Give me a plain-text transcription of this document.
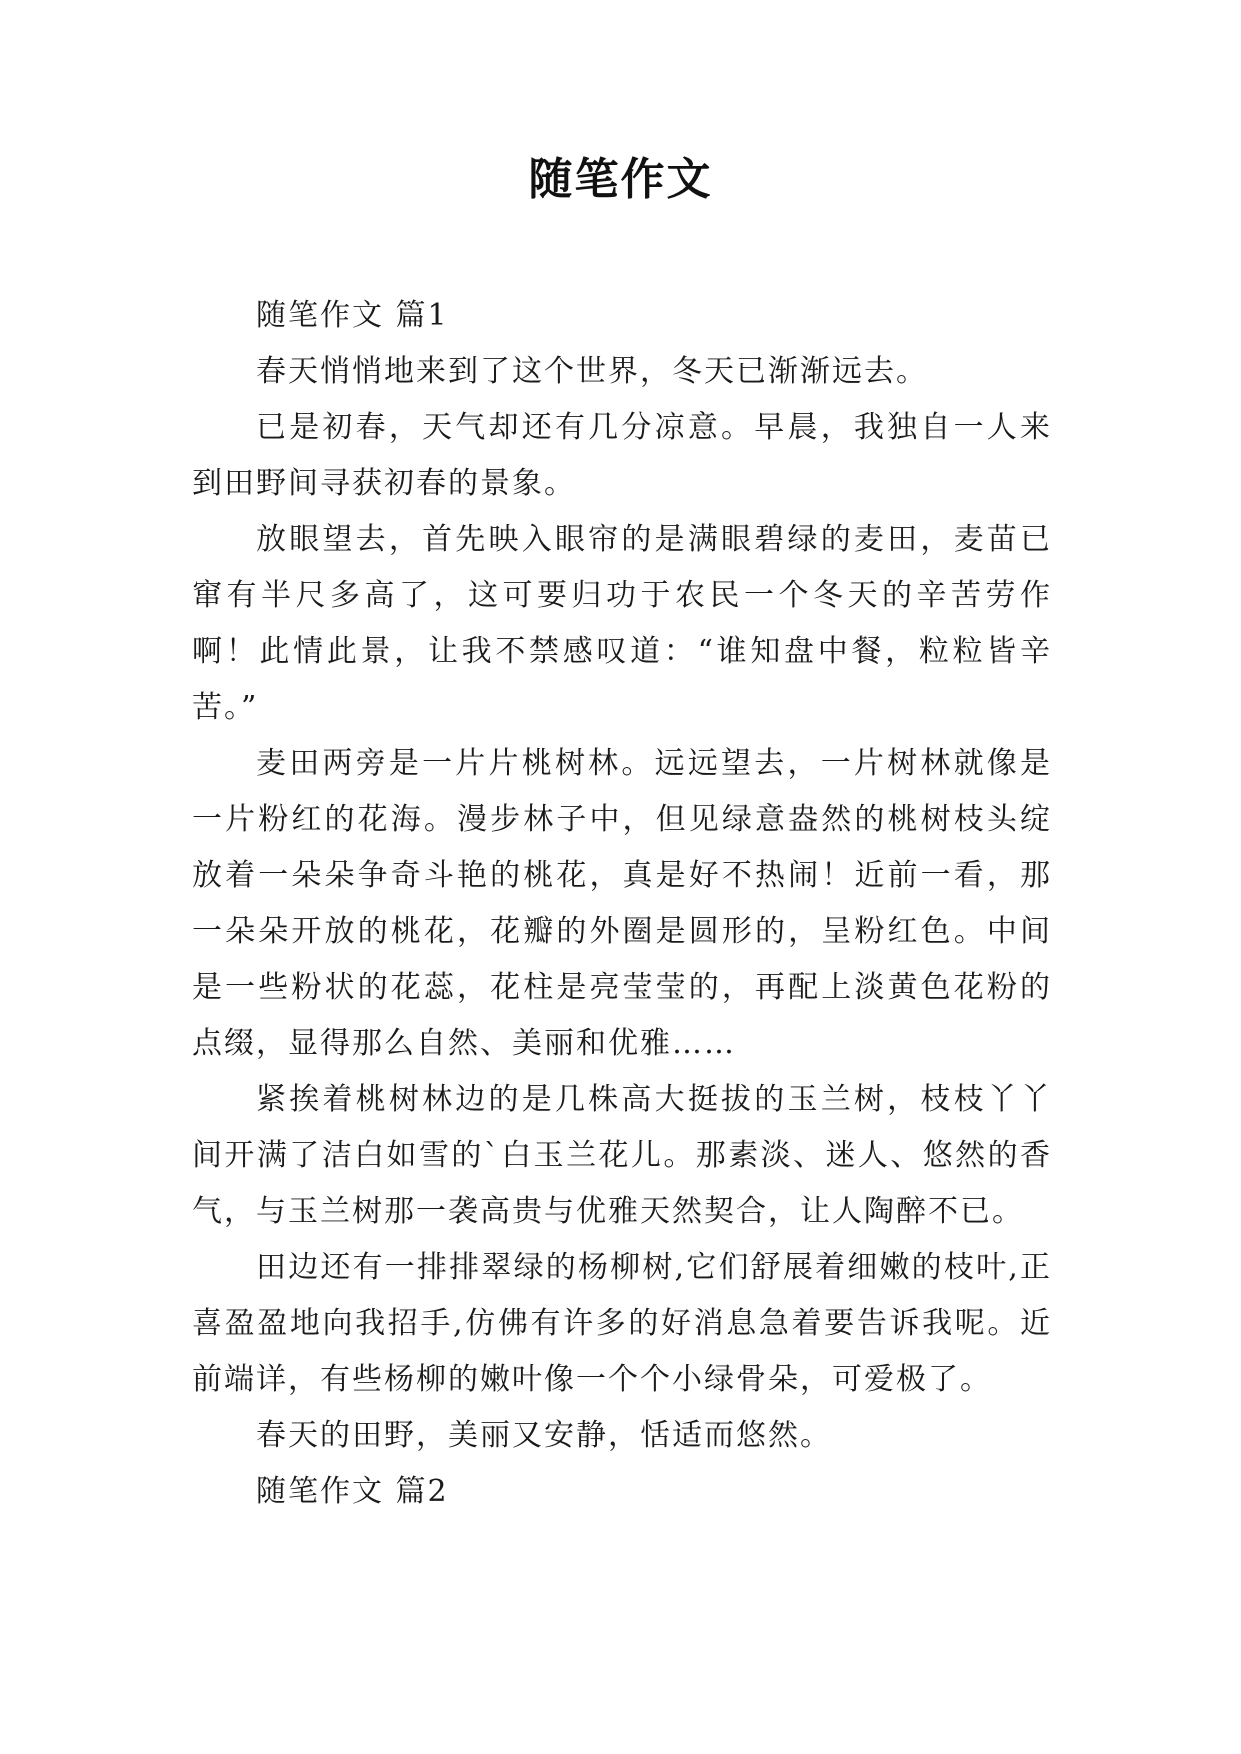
随笔作文

随笔作文 篇1

春天悄悄地来到了这个世界，冬天已渐渐远去。

已是初春，天气却还有几分凉意。早晨，我独自一人来到田野间寻获初春的景象。

放眼望去，首先映入眼帘的是满眼碧绿的麦田，麦苗已窜有半尺多高了，这可要归功于农民一个冬天的辛苦劳作啊！此情此景，让我不禁感叹道：“谁知盘中餐，粒粒皆辛苦。”

麦田两旁是一片片桃树林。远远望去，一片树林就像是一片粉红的花海。漫步林子中，但见绿意盎然的桃树枝头绽放着一朵朵争奇斗艳的桃花，真是好不热闹！近前一看，那一朵朵开放的桃花，花瓣的外圈是圆形的，呈粉红色。中间是一些粉状的花蕊，花柱是亮莹莹的，再配上淡黄色花粉的点缀，显得那么自然、美丽和优雅……

紧挨着桃树林边的是几株高大挺拔的玉兰树，枝枝丫丫间开满了洁白如雪的`白玉兰花儿。那素淡、迷人、悠然的香气，与玉兰树那一袭高贵与优雅天然契合，让人陶醉不已。

田边还有一排排翠绿的杨柳树,它们舒展着细嫩的枝叶,正喜盈盈地向我招手,仿佛有许多的好消息急着要告诉我呢。近前端详，有些杨柳的嫩叶像一个个小绿骨朵，可爱极了。

春天的田野，美丽又安静，恬适而悠然。

随笔作文 篇2
